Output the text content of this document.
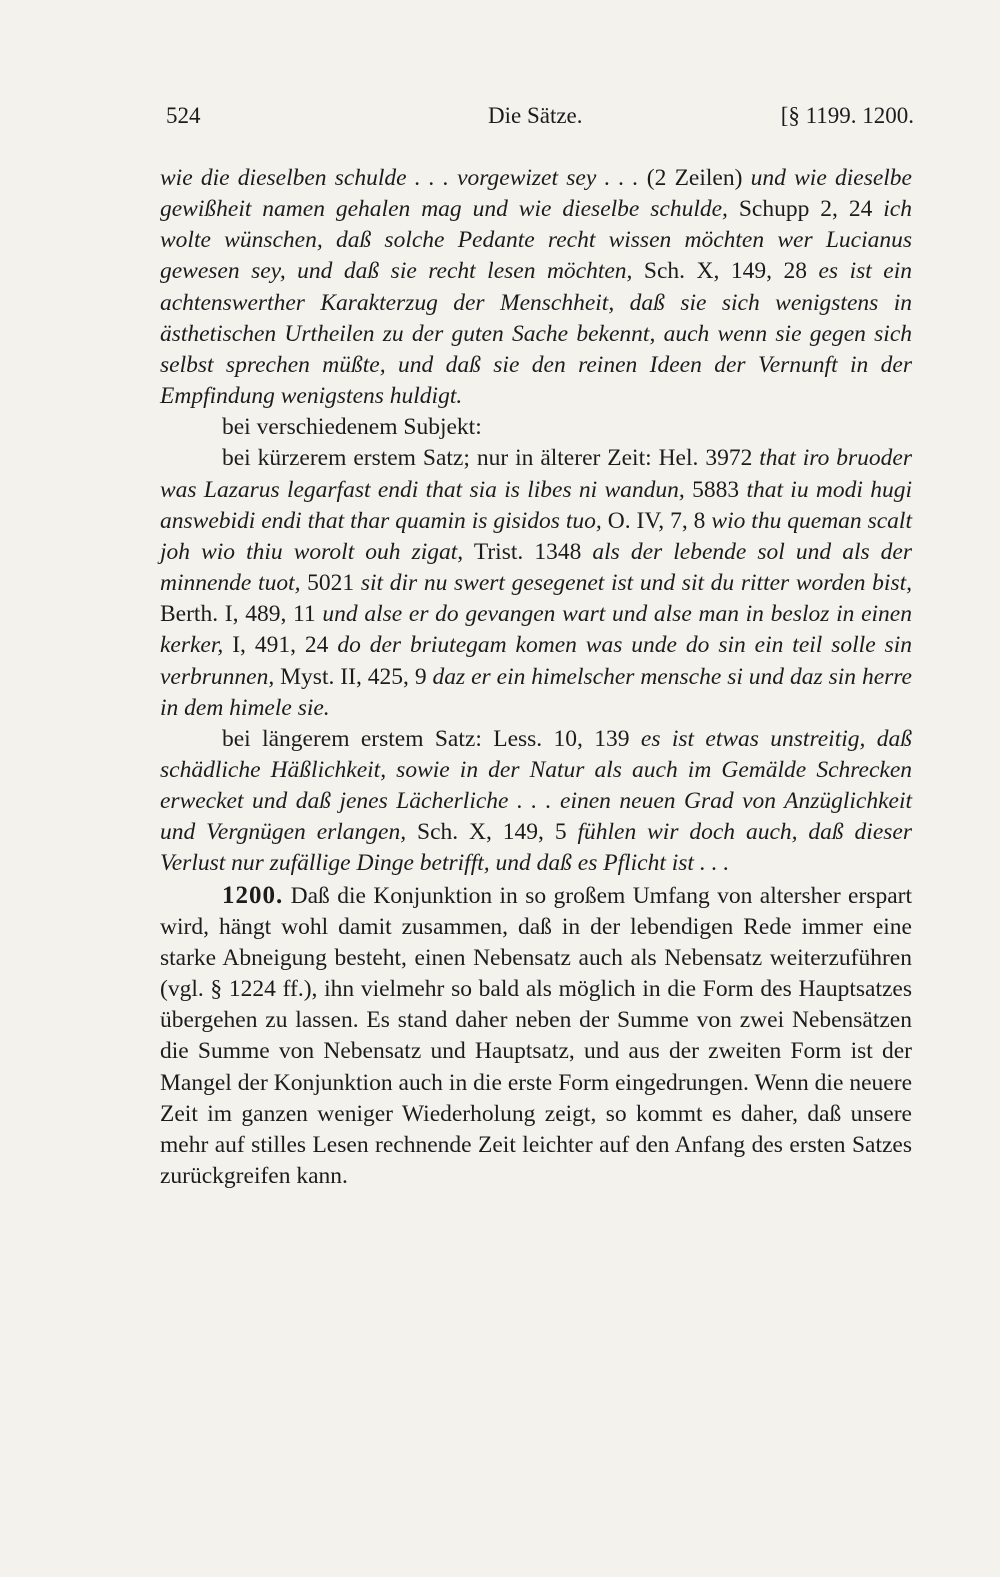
524	Die Sätze.	[§ 1199. 1200.

wie die dieselben schulde . . . vorgewizet sey . . . (2 Zeilen) und wie dieselbe gewißheit namen gehalen mag und wie dieselbe schulde, Schupp 2, 24 ich wolte wünschen, daß solche Pedante recht wissen möchten wer Lucianus gewesen sey, und daß sie recht lesen möchten, Sch. X, 149, 28 es ist ein achtenswerther Karakterzug der Menschheit, daß sie sich wenigstens in ästhetischen Urtheilen zu der guten Sache bekennt, auch wenn sie gegen sich selbst sprechen müßte, und daß sie den reinen Ideen der Vernunft in der Empfindung wenigstens huldigt.

bei verschiedenem Subjekt:

bei kürzerem erstem Satz; nur in älterer Zeit: Hel. 3972 that iro bruoder was Lazarus legarfast endi that sia is libes ni wandun, 5883 that iu modi hugi answebidi endi that thar quamin is gisidos tuo, O. IV, 7, 8 wio thu queman scalt joh wio thiu worolt ouh zigat, Trist. 1348 als der lebende sol und als der minnende tuot, 5021 sit dir nu swert gesegenet ist und sit du ritter worden bist, Berth. I, 489, 11 und alse er do gevangen wart und alse man in besloz in einen kerker, I, 491, 24 do der briutegam komen was unde do sin ein teil solle sin verbrunnen, Myst. II, 425, 9 daz er ein himelscher mensche si und daz sin herre in dem himele sie.

bei längerem erstem Satz: Less. 10, 139 es ist etwas unstreitig, daß schädliche Häßlichkeit, sowie in der Natur als auch im Gemälde Schrecken erwecket und daß jenes Lächerliche . . . einen neuen Grad von Anzüglichkeit und Vergnügen erlangen, Sch. X, 149, 5 fühlen wir doch auch, daß dieser Verlust nur zufällige Dinge betrifft, und daß es Pflicht ist . . .

1200. Daß die Konjunktion in so großem Umfang von altersher erspart wird, hängt wohl damit zusammen, daß in der lebendigen Rede immer eine starke Abneigung besteht, einen Nebensatz auch als Nebensatz weiterzuführen (vgl. § 1224 ff.), ihn vielmehr so bald als möglich in die Form des Hauptsatzes übergehen zu lassen. Es stand daher neben der Summe von zwei Nebensätzen die Summe von Nebensatz und Hauptsatz, und aus der zweiten Form ist der Mangel der Konjunktion auch in die erste Form eingedrungen. Wenn die neuere Zeit im ganzen weniger Wiederholung zeigt, so kommt es daher, daß unsere mehr auf stilles Lesen rechnende Zeit leichter auf den Anfang des ersten Satzes zurückgreifen kann.
